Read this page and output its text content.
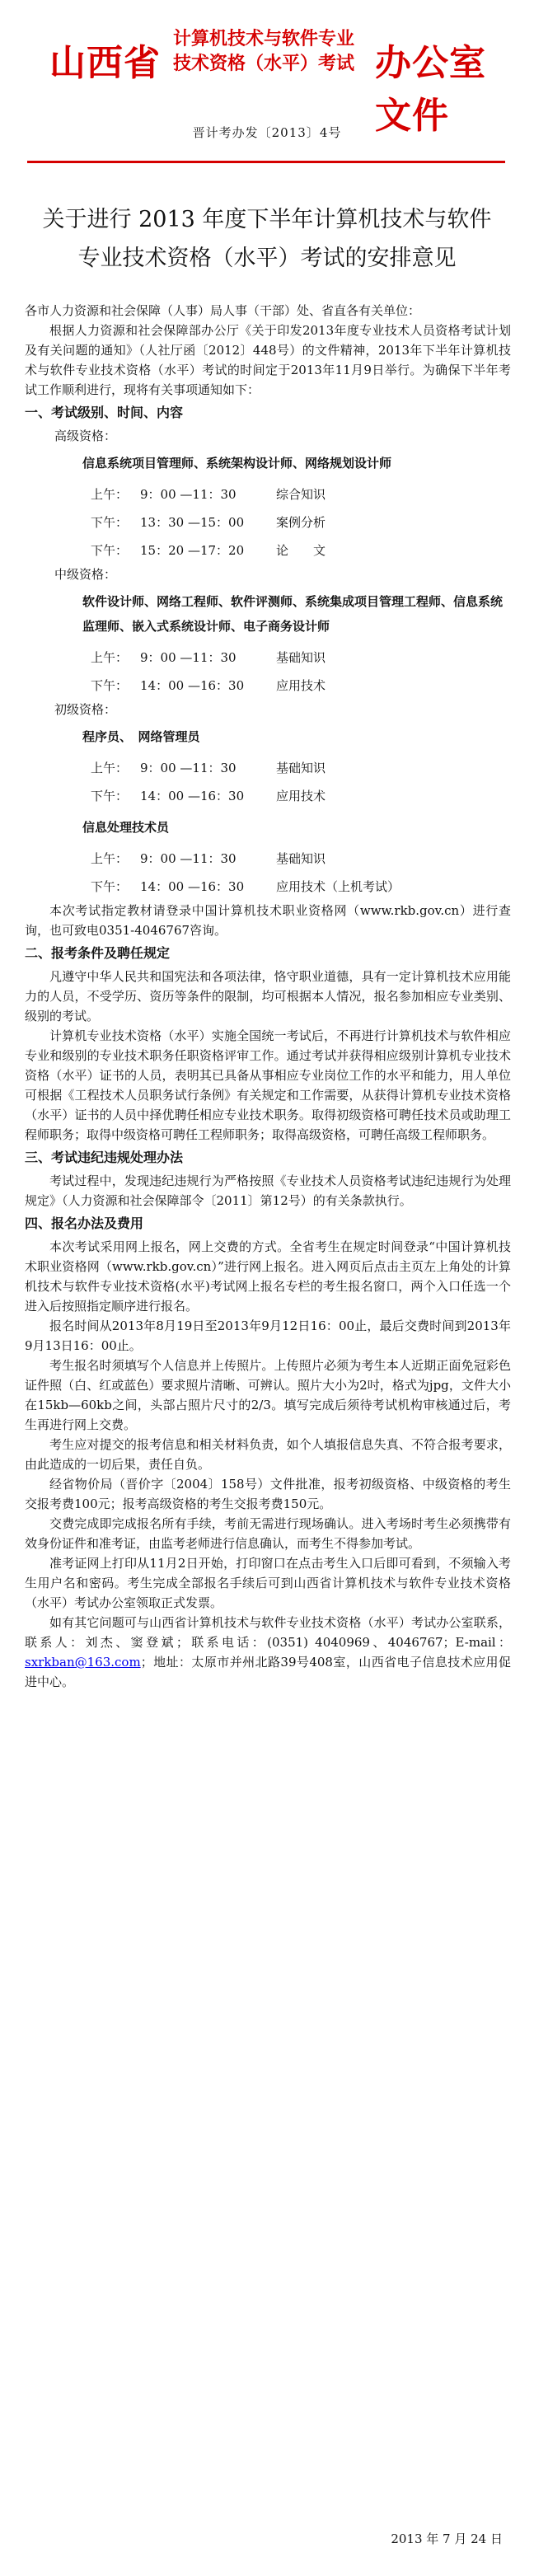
山西省
计算机技术与软件专业
技术资格（水平）考试 办公室文件
晋计考办发〔2013〕4号
关于进行 2013 年度下半年计算机技术与软件
专业技术资格（水平）考试的安排意见

各市人力资源和社会保障（人事）局人事（干部）处、省直各有关单位：

根据人力资源和社会保障部办公厅《关于印发2013年度专业技术人员资格考试计划及有关问题的通知》（人社厅函〔2012〕448号）的文件精神，2013年下半年计算机技术与软件专业技术资格（水平）考试的时间定于2013年11月9日举行。为确保下半年考试工作顺利进行，现将有关事项通知如下：

一、考试级别、时间、内容

高级资格：

信息系统项目管理师、系统架构设计师、网络规划设计师
上午： 9：00 —11：30	综合知识
下午： 13：30 —15：00	案例分析
下午： 15：20 —17：20	论　　文

中级资格：

软件设计师、网络工程师、软件评测师、系统集成项目管理工程师、信息系统监理师、嵌入式系统设计师、电子商务设计师
上午： 9：00 —11：30	基础知识
下午： 14：00 —16：30	应用技术

初级资格：

程序员、　网络管理员
上午： 9：00 —11：30	基础知识
下午： 14：00 —16：30	应用技术
信息处理技术员
上午： 9：00 —11：30	基础知识
下午： 14：00 —16：30	应用技术（上机考试）

本次考试指定教材请登录中国计算机技术职业资格网（www.rkb.gov.cn）进行查询，也可致电0351-4046767咨询。

二、报考条件及聘任规定

凡遵守中华人民共和国宪法和各项法律，恪守职业道德，具有一定计算机技术应用能力的人员，不受学历、资历等条件的限制，均可根据本人情况，报名参加相应专业类别、级别的考试。

计算机专业技术资格（水平）实施全国统一考试后，不再进行计算机技术与软件相应专业和级别的专业技术职务任职资格评审工作。通过考试并获得相应级别计算机专业技术资格（水平）证书的人员，表明其已具备从事相应专业岗位工作的水平和能力，用人单位可根据《工程技术人员职务试行条例》有关规定和工作需要，从获得计算机专业技术资格（水平）证书的人员中择优聘任相应专业技术职务。取得初级资格可聘任技术员或助理工程师职务；取得中级资格可聘任工程师职务；取得高级资格，可聘任高级工程师职务。

三、考试违纪违规处理办法

考试过程中，发现违纪违规行为严格按照《专业技术人员资格考试违纪违规行为处理规定》（人力资源和社会保障部令〔2011〕第12号）的有关条款执行。

四、报名办法及费用

本次考试采用网上报名，网上交费的方式。全省考生在规定时间登录“中国计算机技术职业资格网（www.rkb.gov.cn）”进行网上报名。进入网页后点击主页左上角处的计算机技术与软件专业技术资格(水平)考试网上报名专栏的考生报名窗口，两个入口任选一个进入后按照指定顺序进行报名。

报名时间从2013年8月19日至2013年9月12日16：00止，最后交费时间到2013年9月13日16：00止。

考生报名时须填写个人信息并上传照片。上传照片必须为考生本人近期正面免冠彩色证件照（白、红或蓝色）要求照片清晰、可辨认。照片大小为2吋，格式为jpg，文件大小在15kb—60kb之间，头部占照片尺寸的2/3。填写完成后须待考试机构审核通过后，考生再进行网上交费。

考生应对提交的报考信息和相关材料负责，如个人填报信息失真、不符合报考要求，由此造成的一切后果，责任自负。

经省物价局（晋价字〔2004〕158号）文件批准，报考初级资格、中级资格的考生交报考费100元；报考高级资格的考生交报考费150元。

交费完成即完成报名所有手续，考前无需进行现场确认。进入考场时考生必须携带有效身份证件和准考证，由监考老师进行信息确认，而考生不得参加考试。

准考证网上打印从11月2日开始，打印窗口在点击考生入口后即可看到，不须输入考生用户名和密码。考生完成全部报名手续后可到山西省计算机技术与软件专业技术资格（水平）考试办公室领取正式发票。

如有其它问题可与山西省计算机技术与软件专业技术资格（水平）考试办公室联系，联系人：刘杰、窦登斌；联系电话：(0351) 4040969、4046767；E-mail：sxrkban@163.com；地址：太原市并州北路39号408室，山西省电子信息技术应用促进中心。

2013 年 7 月 24 日
